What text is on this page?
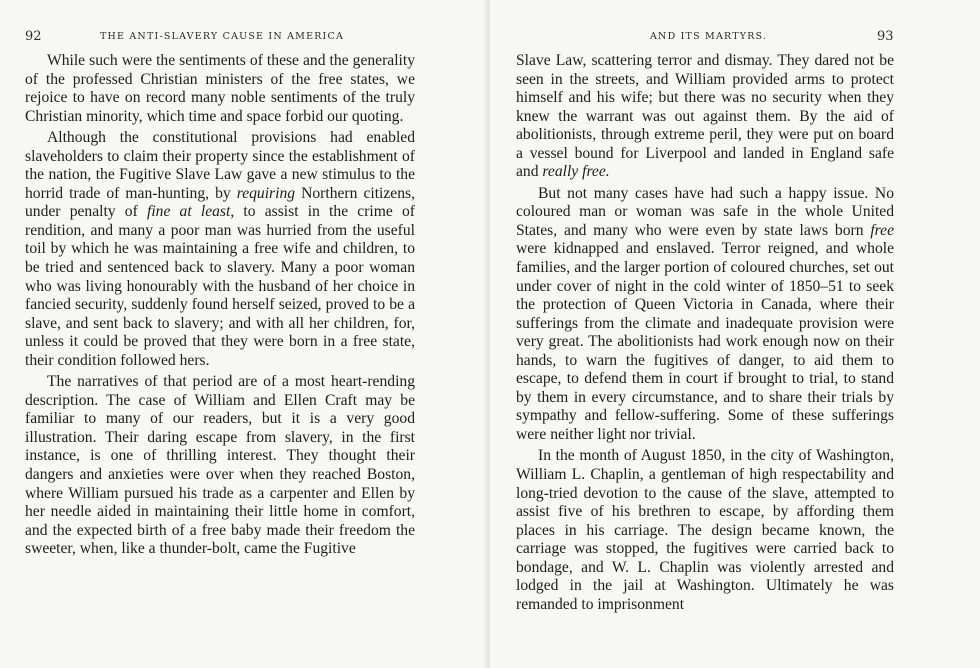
92	THE ANTI-SLAVERY CAUSE IN AMERICA

While such were the sentiments of these and the generality of the professed Christian ministers of the free states, we rejoice to have on record many noble sentiments of the truly Christian minority, which time and space forbid our quoting.

Although the constitutional provisions had enabled slaveholders to claim their property since the establishment of the nation, the Fugitive Slave Law gave a new stimulus to the horrid trade of man-hunting, by requiring Northern citizens, under penalty of fine at least, to assist in the crime of rendition, and many a poor man was hurried from the useful toil by which he was maintaining a free wife and children, to be tried and sentenced back to slavery. Many a poor woman who was living honourably with the husband of her choice in fancied security, suddenly found herself seized, proved to be a slave, and sent back to slavery; and with all her children, for, unless it could be proved that they were born in a free state, their condition followed hers.

The narratives of that period are of a most heart-rending description. The case of William and Ellen Craft may be familiar to many of our readers, but it is a very good illustration. Their daring escape from slavery, in the first instance, is one of thrilling interest. They thought their dangers and anxieties were over when they reached Boston, where William pursued his trade as a carpenter and Ellen by her needle aided in maintaining their little home in comfort, and the expected birth of a free baby made their freedom the sweeter, when, like a thunder-bolt, came the Fugitive

AND ITS MARTYRS.	93

Slave Law, scattering terror and dismay. They dared not be seen in the streets, and William provided arms to protect himself and his wife; but there was no security when they knew the warrant was out against them. By the aid of abolitionists, through extreme peril, they were put on board a vessel bound for Liverpool and landed in England safe and really free.

But not many cases have had such a happy issue. No coloured man or woman was safe in the whole United States, and many who were even by state laws born free were kidnapped and enslaved. Terror reigned, and whole families, and the larger portion of coloured churches, set out under cover of night in the cold winter of 1850–51 to seek the protection of Queen Victoria in Canada, where their sufferings from the climate and inadequate provision were very great. The abolitionists had work enough now on their hands, to warn the fugitives of danger, to aid them to escape, to defend them in court if brought to trial, to stand by them in every circumstance, and to share their trials by sympathy and fellow-suffering. Some of these sufferings were neither light nor trivial.

In the month of August 1850, in the city of Washington, William L. Chaplin, a gentleman of high respectability and long-tried devotion to the cause of the slave, attempted to assist five of his brethren to escape, by affording them places in his carriage. The design became known, the carriage was stopped, the fugitives were carried back to bondage, and W. L. Chaplin was violently arrested and lodged in the jail at Washington. Ultimately he was remanded to imprisonment
